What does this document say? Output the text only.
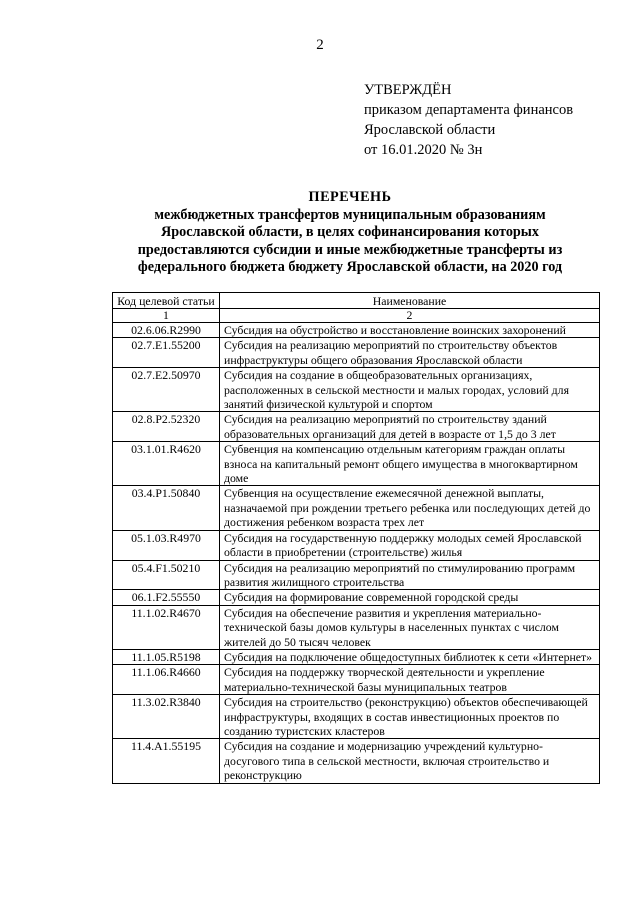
2
УТВЕРЖДЁН
приказом департамента финансов
Ярославской области
от 16.01.2020 № 3н
ПЕРЕЧЕНЬ
межбюджетных трансфертов муниципальным образованиям
Ярославской области, в целях софинансирования которых
предоставляются субсидии и иные межбюджетные трансферты из
федерального бюджета бюджету Ярославской области, на 2020 год
Код целевой статьи	Наименование
1	2
02.6.06.R2990	Субсидия на обустройство и восстановление воинских захоронений
02.7.E1.55200	Субсидия на реализацию мероприятий по строительству объектов инфраструктуры общего образования Ярославской области
02.7.E2.50970	Субсидия на создание в общеобразовательных организациях, расположенных в сельской местности и малых городах, условий для занятий физической культурой и спортом
02.8.P2.52320	Субсидия на реализацию мероприятий по строительству зданий образовательных организаций для детей в возрасте от 1,5 до 3 лет
03.1.01.R4620	Субвенция на компенсацию отдельным категориям граждан оплаты взноса на капитальный ремонт общего имущества в многоквартирном доме
03.4.P1.50840	Субвенция на осуществление ежемесячной денежной выплаты, назначаемой при рождении третьего ребенка или последующих детей до достижения ребенком возраста трех лет
05.1.03.R4970	Субсидия на государственную поддержку молодых семей Ярославской области в приобретении (строительстве) жилья
05.4.F1.50210	Субсидия на реализацию мероприятий по стимулированию программ развития жилищного строительства
06.1.F2.55550	Субсидия на формирование современной городской среды
11.1.02.R4670	Субсидия на обеспечение развития и укрепления материально-технической базы домов культуры в населенных пунктах с числом жителей до 50 тысяч человек
11.1.05.R5198	Субсидия на подключение общедоступных библиотек к сети «Интернет»
11.1.06.R4660	Субсидия на поддержку творческой деятельности и укрепление материально-технической базы муниципальных театров
11.3.02.R3840	Субсидия на строительство (реконструкцию) объектов обеспечивающей инфраструктуры, входящих в состав инвестиционных проектов по созданию туристских кластеров
11.4.A1.55195	Субсидия на создание и модернизацию учреждений культурно-досугового типа в сельской местности, включая строительство и реконструкцию
